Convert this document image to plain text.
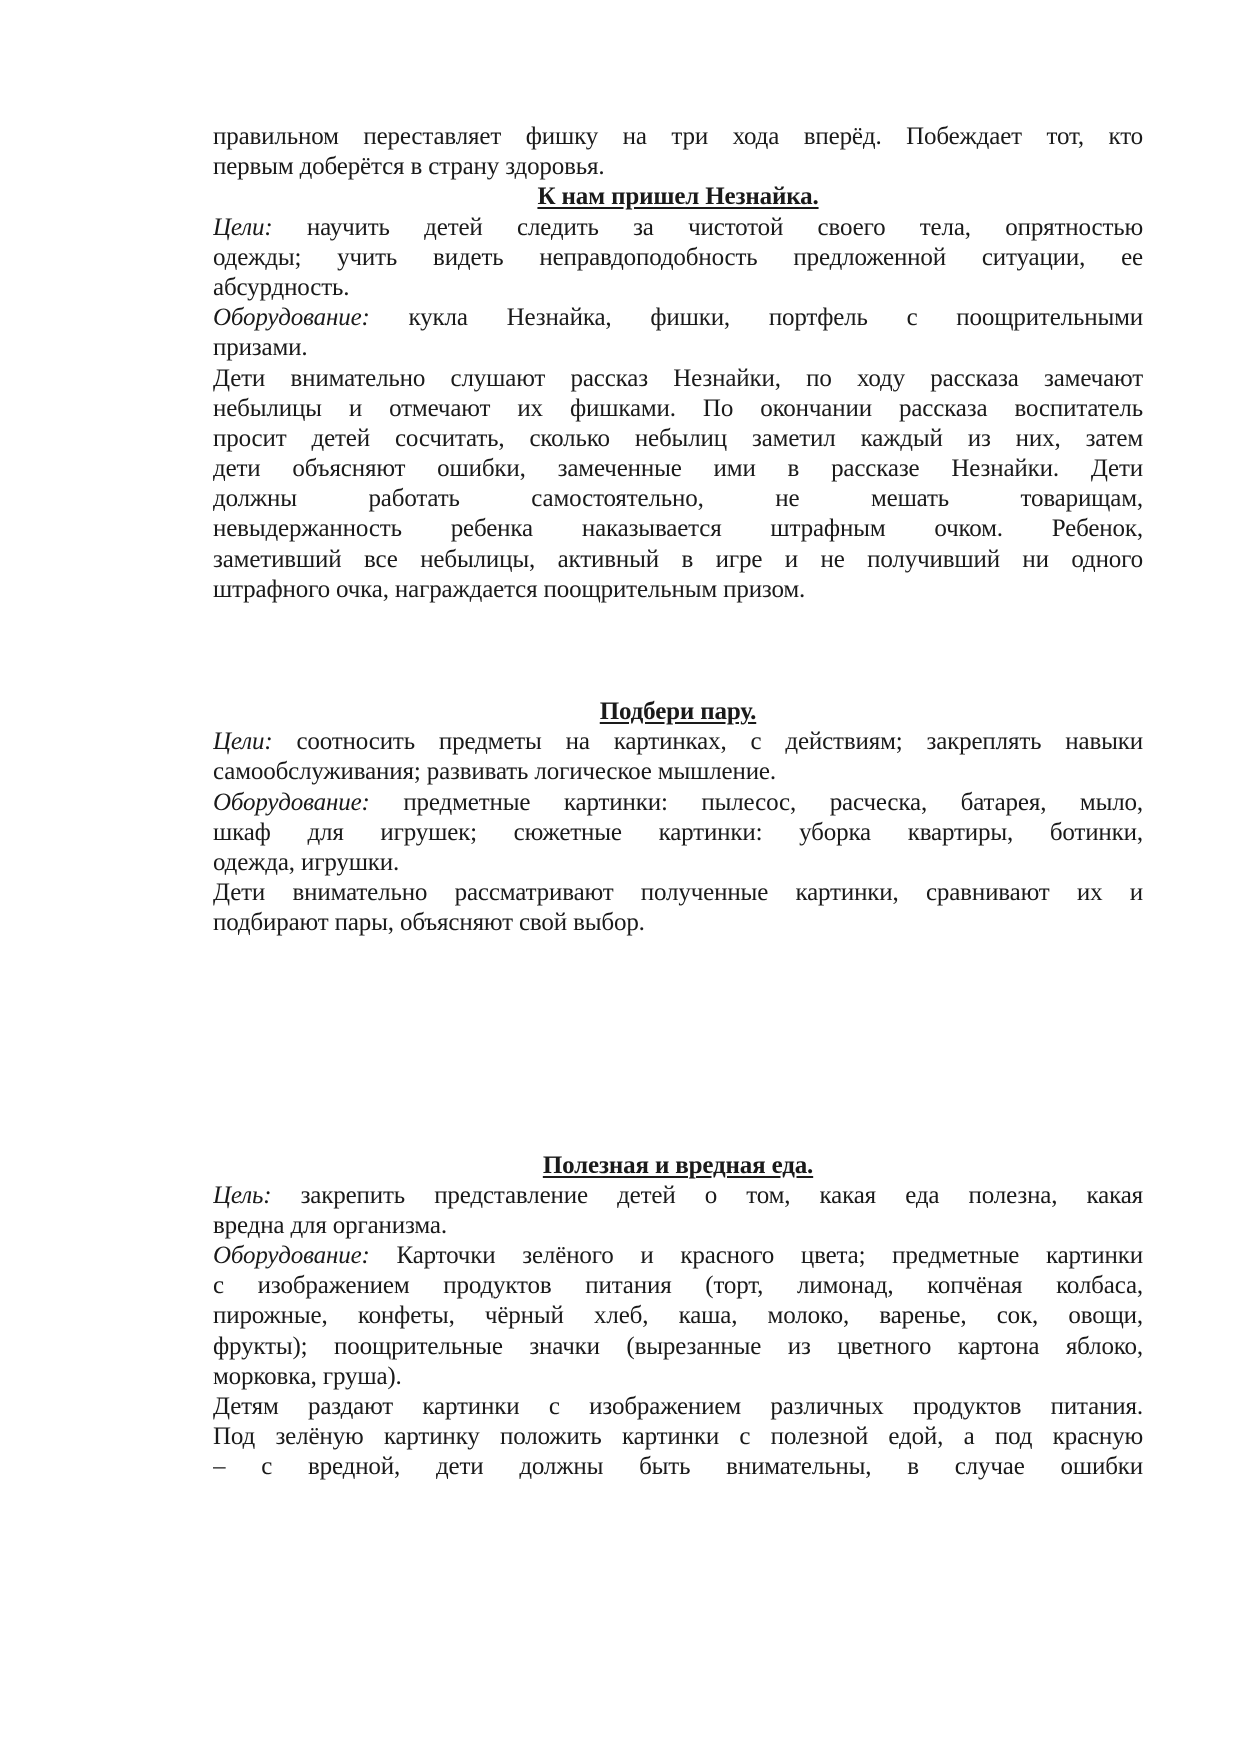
правильном переставляет фишку на три хода вперёд. Побеждает тот, кто
первым доберётся в страну здоровья.
К нам пришел Незнайка.
Цели: научить детей следить за чистотой своего тела, опрятностью
одежды; учить видеть неправдоподобность предложенной ситуации, ее
абсурдность.
Оборудование: кукла Незнайка, фишки, портфель с поощрительными
призами.
Дети внимательно слушают рассказ Незнайки, по ходу рассказа замечают
небылицы и отмечают их фишками. По окончании рассказа воспитатель
просит детей сосчитать, сколько небылиц заметил каждый из них, затем
дети объясняют ошибки, замеченные ими в рассказе Незнайки. Дети
должны работать самостоятельно, не мешать товарищам,
невыдержанность ребенка наказывается штрафным очком. Ребенок,
заметивший все небылицы, активный в игре и не получивший ни одного
штрафного очка, награждается поощрительным призом.
Подбери пару.
Цели: соотносить предметы на картинках, с действиям; закреплять навыки
самообслуживания; развивать логическое мышление.
Оборудование: предметные картинки: пылесос, расческа, батарея, мыло,
шкаф для игрушек; сюжетные картинки: уборка квартиры, ботинки,
одежда, игрушки.
Дети внимательно рассматривают полученные картинки, сравнивают их и
подбирают пары, объясняют свой выбор.
Полезная и вредная еда.
Цель: закрепить представление детей о том, какая еда полезна, какая
вредна для организма.
Оборудование: Карточки зелёного и красного цвета; предметные картинки
с изображением продуктов питания (торт, лимонад, копчёная колбаса,
пирожные, конфеты, чёрный хлеб, каша, молоко, варенье, сок, овощи,
фрукты); поощрительные значки (вырезанные из цветного картона яблоко,
морковка, груша).
Детям раздают картинки с изображением различных продуктов питания.
Под зелёную картинку положить картинки с полезной едой, а под красную
– с вредной, дети должны быть внимательны, в случае ошибки
